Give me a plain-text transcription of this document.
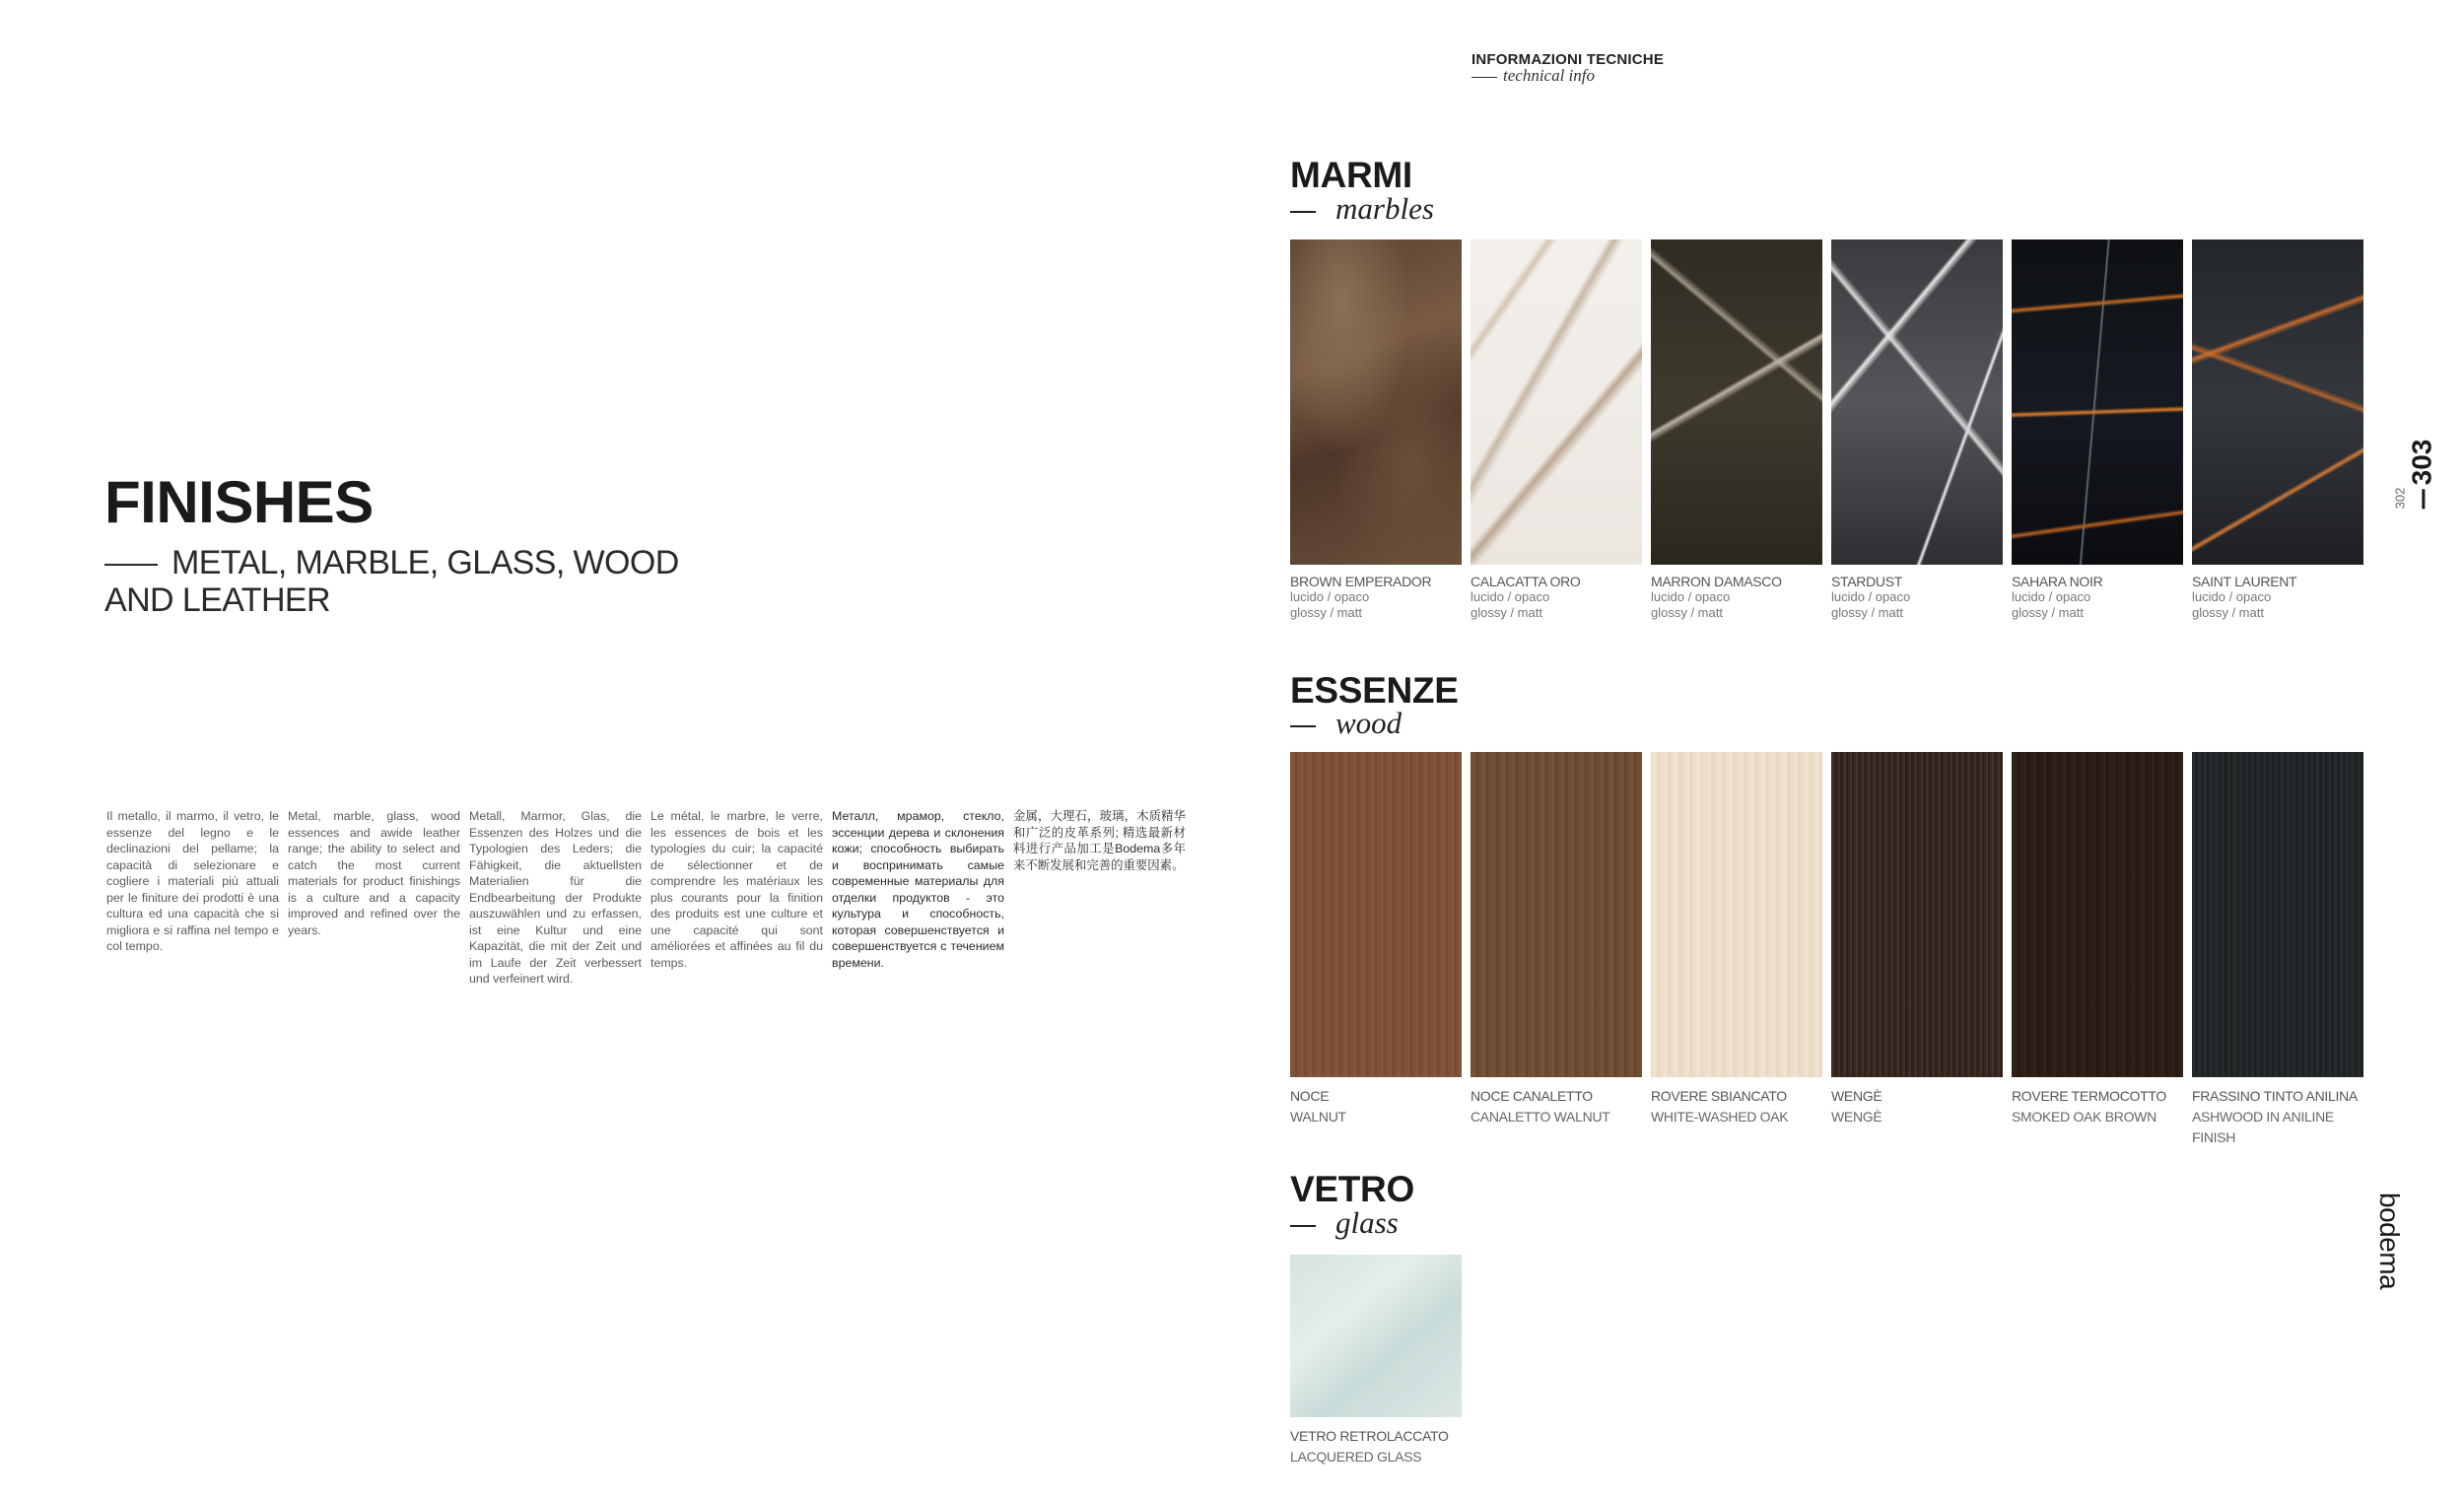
INFORMAZIONI TECNICHE
technical info
FINISHES
METAL, MARBLE, GLASS, WOOD AND LEATHER
Il metallo, il marmo, il vetro, le essenze del legno e le declinazioni del pellame; la capacità di selezionare e cogliere i materiali più attuali per le finiture dei prodotti è una cultura ed una capacità che si migliora e si raffina nel tempo e col tempo.
Metal, marble, glass, wood essences and awide leather range; the ability to select and catch the most current materials for product finishings is a culture and a capacity improved and refined over the years.
Metall, Marmor, Glas, die Essenzen des Holzes und die Typologien des Leders; die Fähigkeit, die aktuellsten Materialien für die Endbearbeitung der Produkte auszuwählen und zu erfassen, ist eine Kultur und eine Kapazität, die mit der Zeit und im Laufe der Zeit verbessert und verfeinert wird.
Le métal, le marbre, le verre, les essences de bois et les typologies du cuir; la capacité de sélectionner et de comprendre les matériaux les plus courants pour la finition des produits est une culture et une capacité qui sont améliorées et affinées au fil du temps.
Металл, мрамор, стекло, эссенции дерева и склонения кожи; способность выбирать и воспринимать самые современные материалы для отделки продуктов - это культура и способность, которая совершенствуется и совершенствуется с течением времени.
金属，大理石，玻璃，木质精华和广泛的皮革系列; 精选最新材料进行产品加工是Bodema多年来不断发展和完善的重要因素。
MARMI
marbles
BROWN EMPERADOR
lucido / opaco
glossy / matt
CALACATTA ORO
lucido / opaco
glossy / matt
MARRON DAMASCO
lucido / opaco
glossy / matt
STARDUST
lucido / opaco
glossy / matt
SAHARA NOIR
lucido / opaco
glossy / matt
SAINT LAURENT
lucido / opaco
glossy / matt
ESSENZE
wood
NOCE
WALNUT
NOCE CANALETTO
CANALETTO WALNUT
ROVERE SBIANCATO
WHITE-WASHED OAK
WENGÈ
WENGÈ
ROVERE TERMOCOTTO
SMOKED OAK BROWN
FRASSINO TINTO ANILINA
ASHWOOD IN ANILINE FINISH
VETRO
glass
VETRO RETROLACCATO
LACQUERED GLASS
303
302
bodema
